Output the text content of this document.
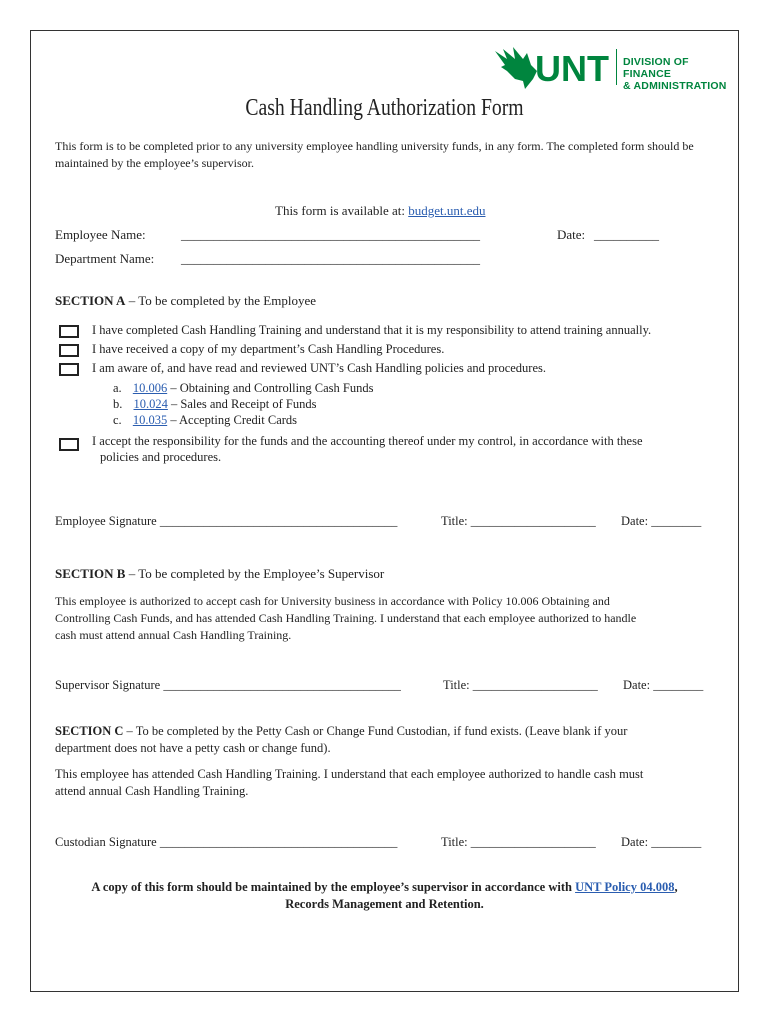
UNT DIVISION OF FINANCE
& ADMINISTRATION
Cash Handling Authorization Form
This form is to be completed prior to any university employee handling university funds, in any form. The completed form should be
maintained by the employee’s supervisor.
This form is available at: budget.unt.edu
Employee Name:	______________________________________________	Date: __________
Department Name: ______________________________________________
SECTION A – To be completed by the Employee
I have completed Cash Handling Training and understand that it is my responsibility to attend training annually.
I have received a copy of my department’s Cash Handling Procedures.
I am aware of, and have read and reviewed UNT’s Cash Handling policies and procedures.
a. 10.006 – Obtaining and Controlling Cash Funds
b. 10.024 – Sales and Receipt of Funds
c. 10.035 – Accepting Credit Cards
I accept the responsibility for the funds and the accounting thereof under my control, in accordance with these
policies and procedures.
Employee Signature ______________________________________	Title: ____________________ Date: ________
SECTION B – To be completed by the Employee’s Supervisor
This employee is authorized to accept cash for University business in accordance with Policy 10.006 Obtaining and
Controlling Cash Funds, and has attended Cash Handling Training. I understand that each employee authorized to handle
cash must attend annual Cash Handling Training.
Supervisor Signature ______________________________________	Title: ____________________ Date: ________
SECTION C – To be completed by the Petty Cash or Change Fund Custodian, if fund exists. (Leave blank if your
department does not have a petty cash or change fund).
This employee has attended Cash Handling Training. I understand that each employee authorized to handle cash must
attend annual Cash Handling Training.
Custodian Signature ______________________________________	Title: ____________________ Date: ________
A copy of this form should be maintained by the employee’s supervisor in accordance with UNT Policy 04.008,
Records Management and Retention.
